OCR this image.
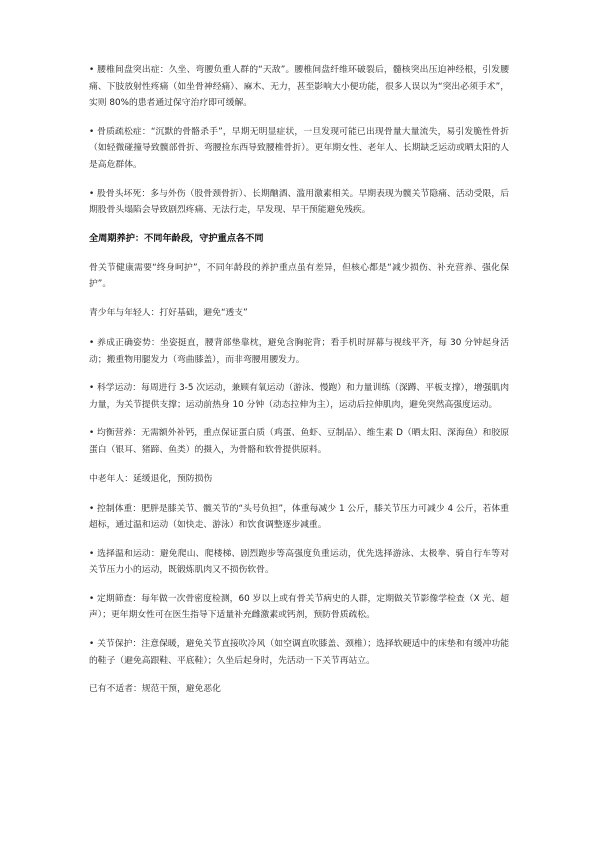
• 腰椎间盘突出症：久坐、弯腰负重人群的“天敌”。腰椎间盘纤维环破裂后，髓核突出压迫神经根，引发腰痛、下肢放射性疼痛（如坐骨神经痛）、麻木、无力，甚至影响大小便功能，很多人误以为“突出必须手术”，实则 80%的患者通过保守治疗即可缓解。

• 骨质疏松症：“沉默的骨骼杀手”，早期无明显症状，一旦发现可能已出现骨量大量流失，易引发脆性骨折（如轻微碰撞导致髋部骨折、弯腰捡东西导致腰椎骨折）。更年期女性、老年人、长期缺乏运动或晒太阳的人是高危群体。

• 股骨头坏死：多与外伤（股骨颈骨折）、长期酗酒、滥用激素相关。早期表现为髋关节隐痛、活动受限，后期股骨头塌陷会导致剧烈疼痛、无法行走，早发现、早干预能避免残疾。

全周期养护：不同年龄段，守护重点各不同

骨关节健康需要“终身呵护”，不同年龄段的养护重点虽有差异，但核心都是“减少损伤、补充营养、强化保护”。

青少年与年轻人：打好基础，避免“透支”

• 养成正确姿势：坐姿挺直，腰背部垫靠枕，避免含胸驼背；看手机时屏幕与视线平齐，每 30 分钟起身活动；搬重物用腿发力（弯曲膝盖），而非弯腰用腰发力。

• 科学运动：每周进行 3-5 次运动，兼顾有氧运动（游泳、慢跑）和力量训练（深蹲、平板支撑），增强肌肉力量，为关节提供支撑；运动前热身 10 分钟（动态拉伸为主），运动后拉伸肌肉，避免突然高强度运动。

• 均衡营养：无需额外补钙，重点保证蛋白质（鸡蛋、鱼虾、豆制品）、维生素 D（晒太阳、深海鱼）和胶原蛋白（银耳、猪蹄、鱼类）的摄入，为骨骼和软骨提供原料。

中老年人：延缓退化，预防损伤

• 控制体重：肥胖是膝关节、髋关节的“头号负担”，体重每减少 1 公斤，膝关节压力可减少 4 公斤，若体重超标，通过温和运动（如快走、游泳）和饮食调整逐步减重。

• 选择温和运动：避免爬山、爬楼梯、剧烈跑步等高强度负重运动，优先选择游泳、太极拳、骑自行车等对关节压力小的运动，既锻炼肌肉又不损伤软骨。

• 定期筛查：每年做一次骨密度检测，60 岁以上或有骨关节病史的人群，定期做关节影像学检查（X 光、超声）；更年期女性可在医生指导下适量补充雌激素或钙剂，预防骨质疏松。

• 关节保护：注意保暖，避免关节直接吹冷风（如空调直吹膝盖、颈椎）；选择软硬适中的床垫和有缓冲功能的鞋子（避免高跟鞋、平底鞋）；久坐后起身时，先活动一下关节再站立。

已有不适者：规范干预，避免恶化
